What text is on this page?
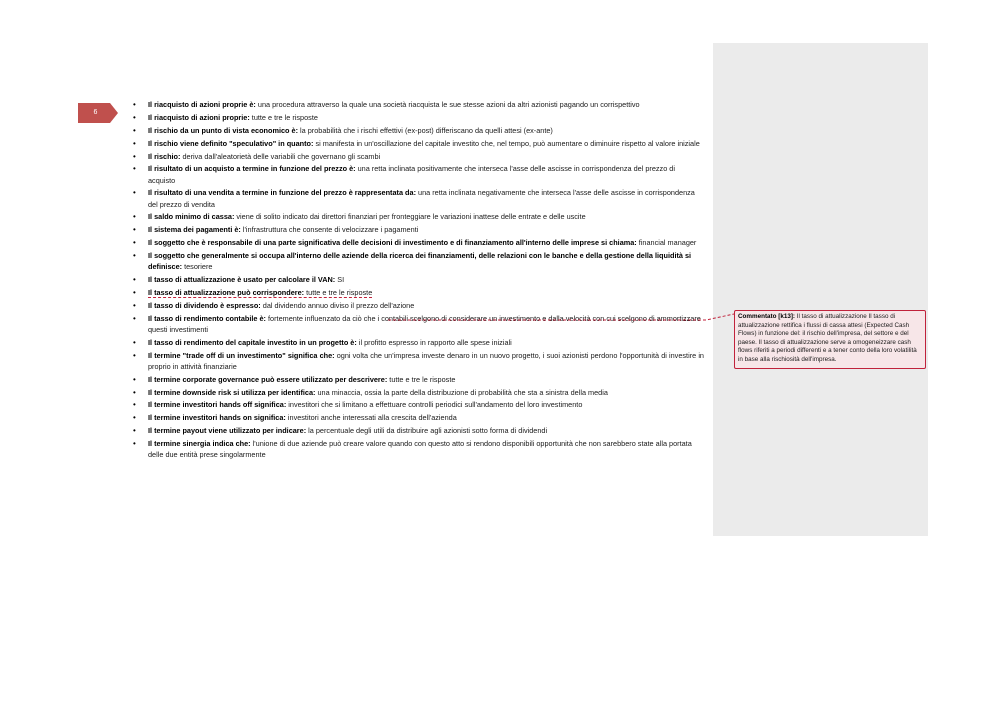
6
• Il riacquisto di azioni proprie è: una procedura attraverso la quale una società riacquista le sue stesse azioni da altri azionisti pagando un corrispettivo
• Il riacquisto di azioni proprie: tutte e tre le risposte
• Il rischio da un punto di vista economico è: la probabilità che i rischi effettivi (ex-post) differiscano da quelli attesi (ex-ante)
• Il rischio viene definito "speculativo" in quanto: si manifesta in un'oscillazione del capitale investito che, nel tempo, può aumentare o diminuire rispetto al valore iniziale
• Il rischio: deriva dall'aleatorietà delle variabili che governano gli scambi
• Il risultato di un acquisto a termine in funzione del prezzo è: una retta inclinata positivamente che interseca l'asse delle ascisse in corrispondenza del prezzo di acquisto
• Il risultato di una vendita a termine in funzione del prezzo è rappresentata da: una retta inclinata negativamente che interseca l'asse delle ascisse in corrispondenza del prezzo di vendita
• Il saldo minimo di cassa: viene di solito indicato dai direttori finanziari per fronteggiare le variazioni inattese delle entrate e delle uscite
• Il sistema dei pagamenti è: l'infrastruttura che consente di velocizzare i pagamenti
• Il soggetto che è responsabile di una parte significativa delle decisioni di investimento e di finanziamento all'interno delle imprese si chiama: financial manager
• Il soggetto che generalmente si occupa all'interno delle aziende della ricerca dei finanziamenti, delle relazioni con le banche e della gestione della liquidità si definisce: tesoriere
• Il tasso di attualizzazione è usato per calcolare il VAN: SI
• Il tasso di attualizzazione può corrispondere: tutte e tre le risposte
• Il tasso di dividendo è espresso: dal dividendo annuo diviso il prezzo dell'azione
• Il tasso di rendimento contabile è: fortemente influenzato da ciò che i contabili scelgono di considerare un investimento e dalla velocità con cui scelgono di ammortizzare questi investimenti
• Il tasso di rendimento del capitale investito in un progetto è: il profitto espresso in rapporto alle spese iniziali
• Il termine "trade off di un investimento" significa che: ogni volta che un'impresa investe denaro in un nuovo progetto, i suoi azionisti perdono l'opportunità di investire in proprio in attività finanziarie
• Il termine corporate governance può essere utilizzato per descrivere: tutte e tre le risposte
• Il termine downside risk si utilizza per identifica: una minaccia, ossia la parte della distribuzione di probabilità che sta a sinistra della media
• Il termine investitori hands off significa: investitori che si limitano a effettuare controlli periodici sull'andamento del loro investimento
• Il termine investitori hands on significa: investitori anche interessati alla crescita dell'azienda
• Il termine payout viene utilizzato per indicare: la percentuale degli utili da distribuire agli azionisti sotto forma di dividendi
• Il termine sinergia indica che: l'unione di due aziende può creare valore quando con questo atto si rendono disponibili opportunità che non sarebbero state alla portata delle due entità prese singolarmente
Commentato [k13]: Il tasso di attualizzazione Il tasso di attualizzazione rettifica i flussi di cassa attesi (Expected Cash Flows) in funzione del: il rischio dell'impresa, del settore e del paese. Il tasso di attualizzazione serve a omogeneizzare cash flows riferiti a periodi differenti e a tener conto della loro volatilità in base alla rischiosità dell'impresa.
